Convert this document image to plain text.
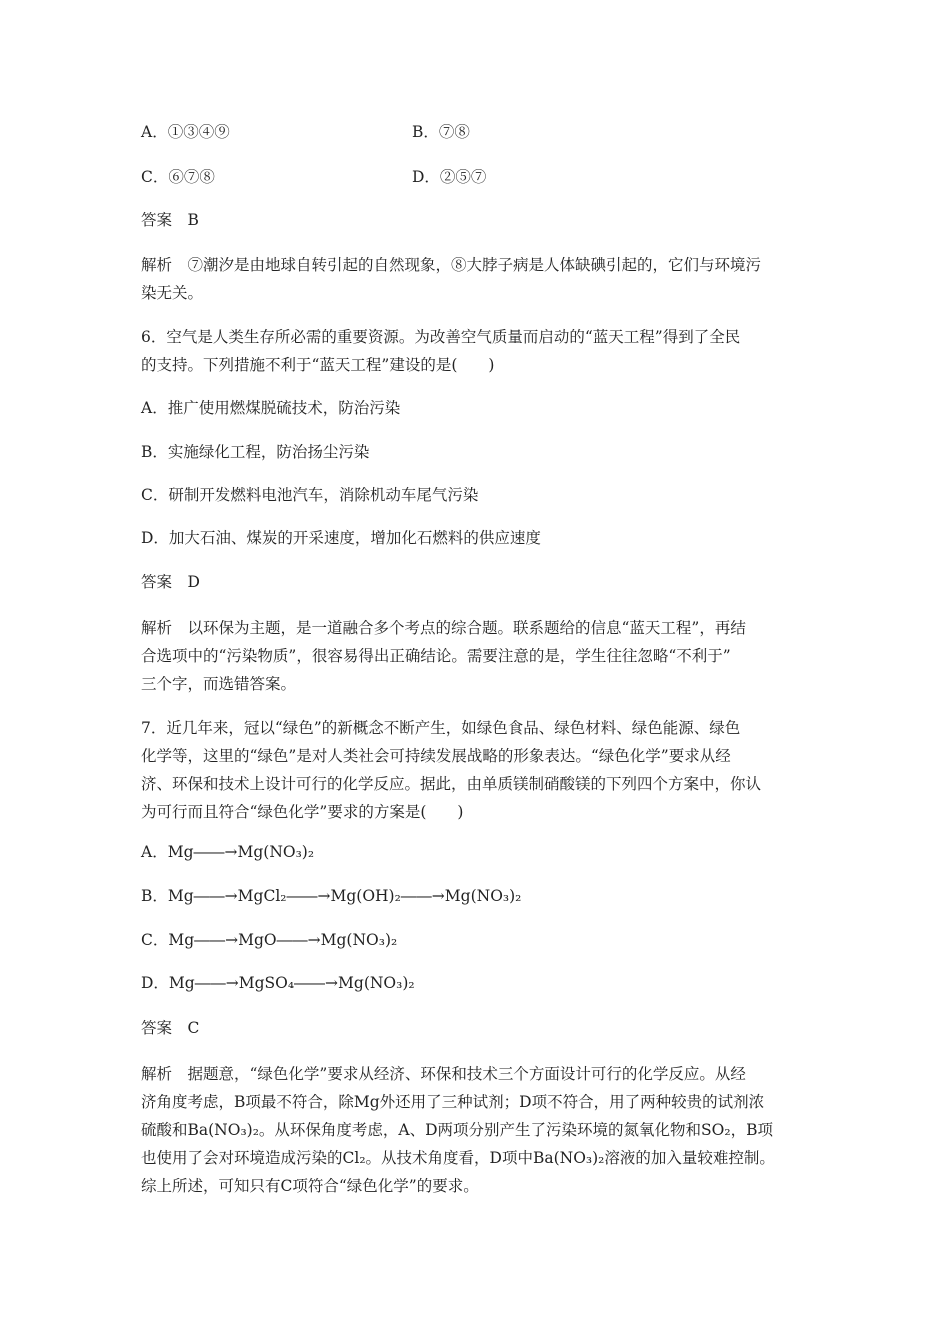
A．①③④⑨	B．⑦⑧
C．⑥⑦⑧	D．②⑤⑦
答案　B
解析　⑦潮汐是由地球自转引起的自然现象，⑧大脖子病是人体缺碘引起的，它们与环境污
染无关。
6．空气是人类生存所必需的重要资源。为改善空气质量而启动的“蓝天工程”得到了全民
的支持。下列措施不利于“蓝天工程”建设的是(　　)
A．推广使用燃煤脱硫技术，防治污染
B．实施绿化工程，防治扬尘污染
C．研制开发燃料电池汽车，消除机动车尾气污染
D．加大石油、煤炭的开采速度，增加化石燃料的供应速度
答案　D
解析　以环保为主题，是一道融合多个考点的综合题。联系题给的信息“蓝天工程”，再结
合选项中的“污染物质”，很容易得出正确结论。需要注意的是，学生往往忽略“不利于”
三个字，而选错答案。
7．近几年来，冠以“绿色”的新概念不断产生，如绿色食品、绿色材料、绿色能源、绿色
化学等，这里的“绿色”是对人类社会可持续发展战略的形象表达。“绿色化学”要求从经
济、环保和技术上设计可行的化学反应。据此，由单质镁制硝酸镁的下列四个方案中，你认
为可行而且符合“绿色化学”要求的方案是(　　)
A．Mg――→Mg(NO₃)₂
B．Mg――→MgCl₂――→Mg(OH)₂――→Mg(NO₃)₂
C．Mg――→MgO――→Mg(NO₃)₂
D．Mg――→MgSO₄――→Mg(NO₃)₂
答案　C
解析　据题意，“绿色化学”要求从经济、环保和技术三个方面设计可行的化学反应。从经
济角度考虑，B项最不符合，除Mg外还用了三种试剂；D项不符合，用了两种较贵的试剂浓
硫酸和Ba(NO₃)₂。从环保角度考虑，A、D两项分别产生了污染环境的氮氧化物和SO₂，B项
也使用了会对环境造成污染的Cl₂。从技术角度看，D项中Ba(NO₃)₂溶液的加入量较难控制。
综上所述，可知只有C项符合“绿色化学”的要求。
